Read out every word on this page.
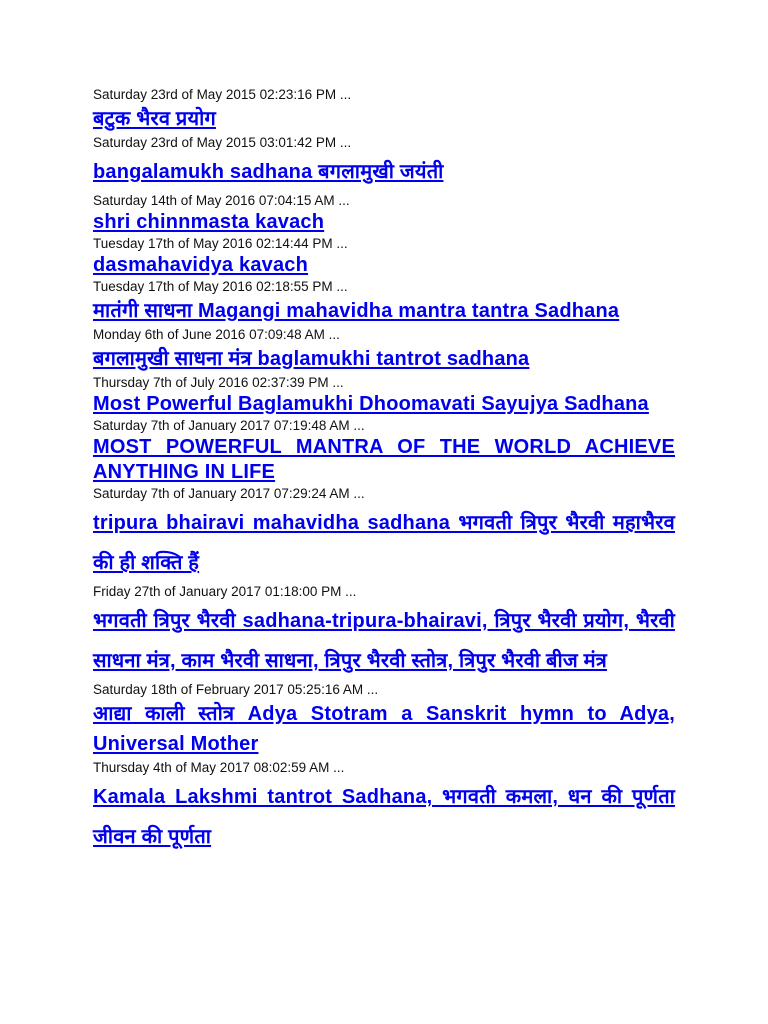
Saturday 23rd of May 2015 02:23:16 PM ...

बटुक भैरव प्रयोग

Saturday 23rd of May 2015 03:01:42 PM ...

bangalamukh sadhana बगलामुखी जयंती

Saturday 14th of May 2016 07:04:15 AM ...

shri chinnmasta kavach

Tuesday 17th of May 2016 02:14:44 PM ...

dasmahavidya kavach

Tuesday 17th of May 2016 02:18:55 PM ...

मातंगी साधना Magangi mahavidha mantra tantra Sadhana

Monday 6th of June 2016 07:09:48 AM ...

बगलामुखी साधना मंत्र baglamukhi tantrot sadhana

Thursday 7th of July 2016 02:37:39 PM ...

Most Powerful Baglamukhi Dhoomavati Sayujya Sadhana

Saturday 7th of January 2017 07:19:48 AM ...

MOST POWERFUL MANTRA OF THE WORLD ACHIEVE ANYTHING IN LIFE

Saturday 7th of January 2017 07:29:24 AM ...

tripura bhairavi mahavidha sadhana भगवती त्रिपुर भैरवी महाभैरव की ही शक्ति हैं

Friday 27th of January 2017 01:18:00 PM ...

भगवती त्रिपुर भैरवी sadhana-tripura-bhairavi, त्रिपुर भैरवी प्रयोग, भैरवी साधना मंत्र, काम भैरवी साधना, त्रिपुर भैरवी स्तोत्र, त्रिपुर भैरवी बीज मंत्र

Saturday 18th of February 2017 05:25:16 AM ...

आद्या काली स्तोत्र Adya Stotram a Sanskrit hymn to Adya, Universal Mother

Thursday 4th of May 2017 08:02:59 AM ...

Kamala Lakshmi tantrot Sadhana, भगवती कमला, धन की पूर्णता जीवन की पूर्णता
